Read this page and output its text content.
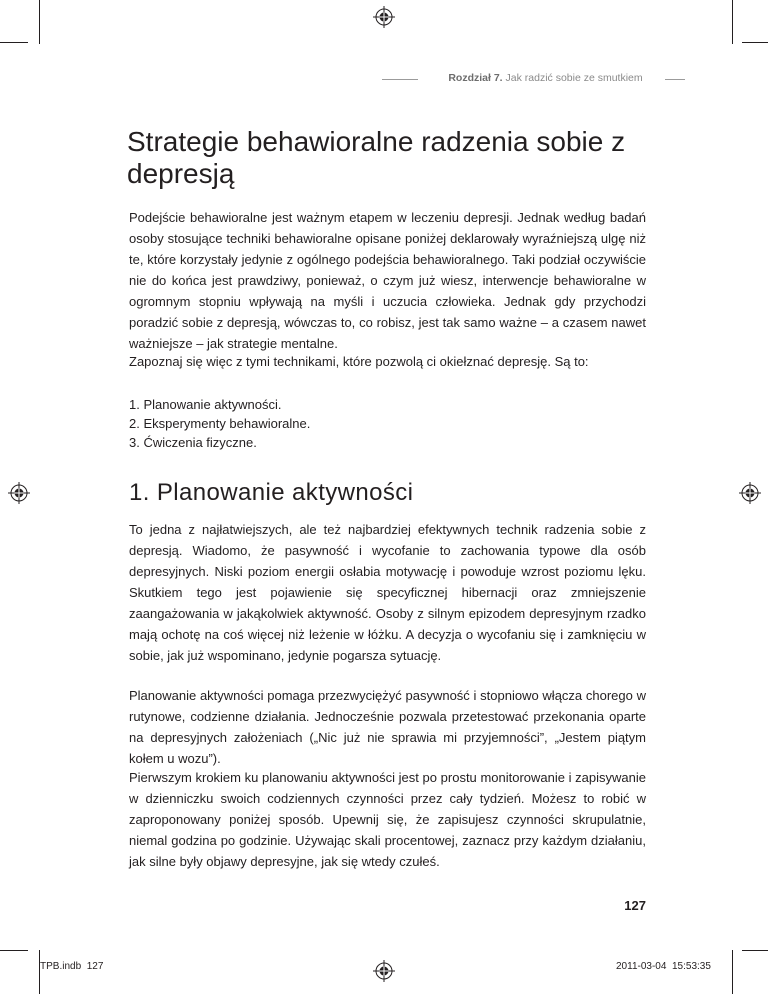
Rozdział 7. Jak radzić sobie ze smutkiem
Strategie behawioralne radzenia sobie z depresją

Podejście behawioralne jest ważnym etapem w leczeniu depresji. Jednak według badań osoby stosujące techniki behawioralne opisane poniżej deklarowały wyraźniejszą ulgę niż te, które korzystały jedynie z ogólnego podejścia behawioralnego. Taki podział oczywiście nie do końca jest prawdziwy, ponieważ, o czym już wiesz, interwencje behawioralne w ogromnym stopniu wpływają na myśli i uczucia człowieka. Jednak gdy przychodzi poradzić sobie z depresją, wówczas to, co robisz, jest tak samo ważne – a czasem nawet ważniejsze – jak strategie mentalne.

Zapoznaj się więc z tymi technikami, które pozwolą ci okiełznać depresję. Są to:

1. Planowanie aktywności.
2. Eksperymenty behawioralne.
3. Ćwiczenia fizyczne.
1. Planowanie aktywności

To jedna z najłatwiejszych, ale też najbardziej efektywnych technik radzenia sobie z depresją. Wiadomo, że pasywność i wycofanie to zachowania typowe dla osób depresyjnych. Niski poziom energii osłabia motywację i powoduje wzrost poziomu lęku. Skutkiem tego jest pojawienie się specyficznej hibernacji oraz zmniejszenie zaangażowania w jakąkolwiek aktywność. Osoby z silnym epizodem depresyjnym rzadko mają ochotę na coś więcej niż leżenie w łóżku. A decyzja o wycofaniu się i zamknięciu w sobie, jak już wspominano, jedynie pogarsza sytuację.

Planowanie aktywności pomaga przezwyciężyć pasywność i stopniowo włącza chorego w rutynowe, codzienne działania. Jednocześnie pozwala przetestować przekonania oparte na depresyjnych założeniach („Nic już nie sprawia mi przyjemności”, „Jestem piątym kołem u wozu”).

Pierwszym krokiem ku planowaniu aktywności jest po prostu monitorowanie i zapisywanie w dzienniczku swoich codziennych czynności przez cały tydzień. Możesz to robić w zaproponowany poniżej sposób. Upewnij się, że zapisujesz czynności skrupulatnie, niemal godzina po godzinie. Używając skali procentowej, zaznacz przy każdym działaniu, jak silne były objawy depresyjne, jak się wtedy czułeś.

127
TPB.indb 127	2011-03-04 15:53:35
